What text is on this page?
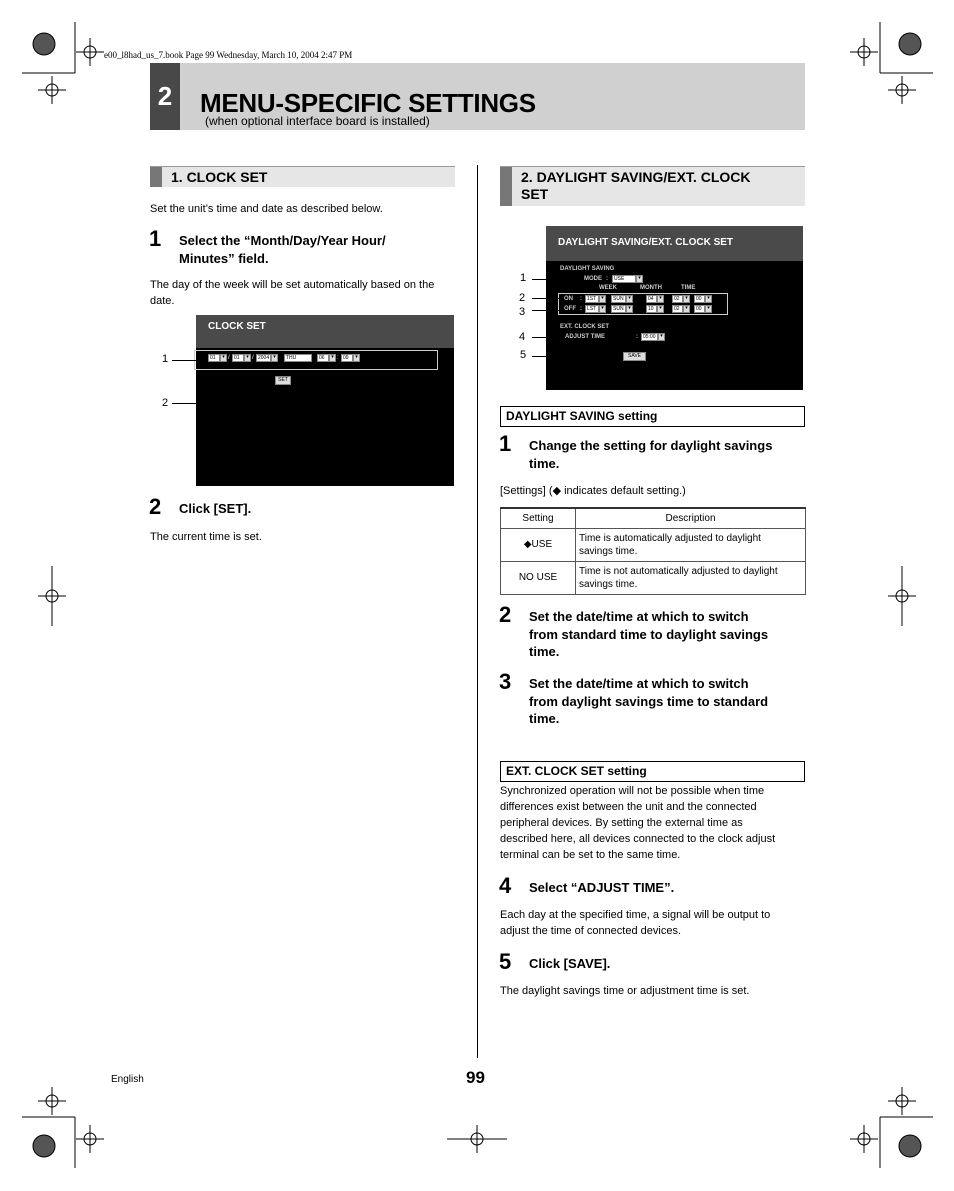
e00_l8had_us_7.book Page 99 Wednesday, March 10, 2004 2:47 PM
2 MENU-SPECIFIC SETTINGS
(when optional interface board is installed)
1. CLOCK SET
Set the unit’s time and date as described below.
1 Select the “Month/Day/Year Hour/
Minutes” field.
The day of the week will be set automatically based on the
date.
CLOCK SET
01	▾ / 01	▾ / 2004 ▾	THU	06	▾ : 09	▾
SET
1
2
2 Click [SET].
The current time is set.
2. DAYLIGHT SAVING/EXT. CLOCK
SET
DAYLIGHT SAVING/EXT. CLOCK SET
DAYLIGHT SAVING
MODE :	USE	▾
WEEK	MONTH	TIME
ON :	1ST	▾	SUN ▾	04	▾	02	▾	00	▾
OFF :	LST	▾	SUN ▾	10	▾	02	▾	00	▾
EXT. CLOCK SET
ADJUST TIME	:	05:00 ▾
SAVE
1
2
3
4
5
DAYLIGHT SAVING setting
1 Change the setting for daylight savings
time.
[Settings] (◆ indicates default setting.)
Setting	Description
◆USE	Time is automatically adjusted to daylight
savings time.

NO USE	Time is not automatically adjusted to daylight
savings time.
2 Set the date/time at which to switch
from standard time to daylight savings
time.
3 Set the date/time at which to switch
from daylight savings time to standard
time.
EXT. CLOCK SET setting
Synchronized operation will not be possible when time
differences exist between the unit and the connected
peripheral devices. By setting the external time as
described here, all devices connected to the clock adjust
terminal can be set to the same time.
4 Select “ADJUST TIME”.
Each day at the specified time, a signal will be output to
adjust the time of connected devices.
5 Click [SAVE].
The daylight savings time or adjustment time is set.
English	99
